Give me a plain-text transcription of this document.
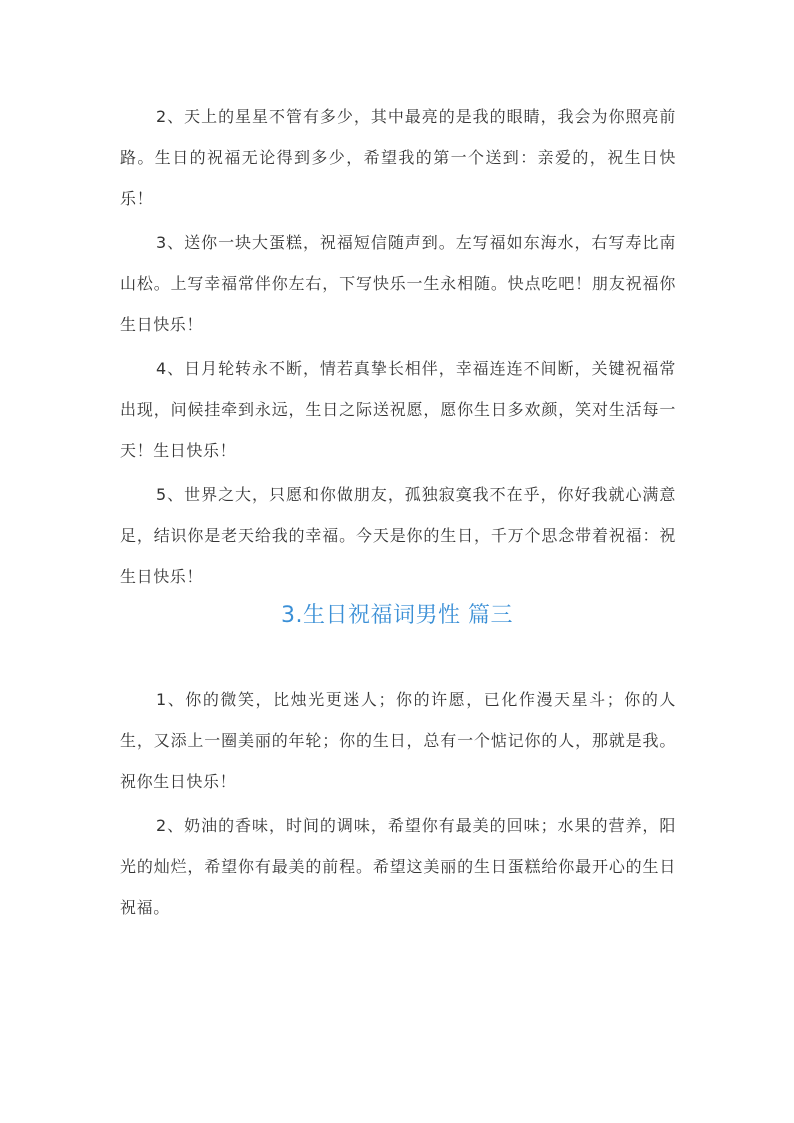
2、天上的星星不管有多少，其中最亮的是我的眼睛，我会为你照亮前路。生日的祝福无论得到多少，希望我的第一个送到：亲爱的，祝生日快乐！

3、送你一块大蛋糕，祝福短信随声到。左写福如东海水，右写寿比南山松。上写幸福常伴你左右，下写快乐一生永相随。快点吃吧！朋友祝福你生日快乐！

4、日月轮转永不断，情若真挚长相伴，幸福连连不间断，关键祝福常出现，问候挂牵到永远，生日之际送祝愿，愿你生日多欢颜，笑对生活每一天！生日快乐！

5、世界之大，只愿和你做朋友，孤独寂寞我不在乎，你好我就心满意足，结识你是老天给我的幸福。今天是你的生日，千万个思念带着祝福：祝生日快乐！

3.生日祝福词男性 篇三

1、你的微笑，比烛光更迷人；你的许愿，已化作漫天星斗；你的人生，又添上一圈美丽的年轮；你的生日，总有一个惦记你的人，那就是我。祝你生日快乐！

2、奶油的香味，时间的调味，希望你有最美的回味；水果的营养，阳光的灿烂，希望你有最美的前程。希望这美丽的生日蛋糕给你最开心的生日祝福。
